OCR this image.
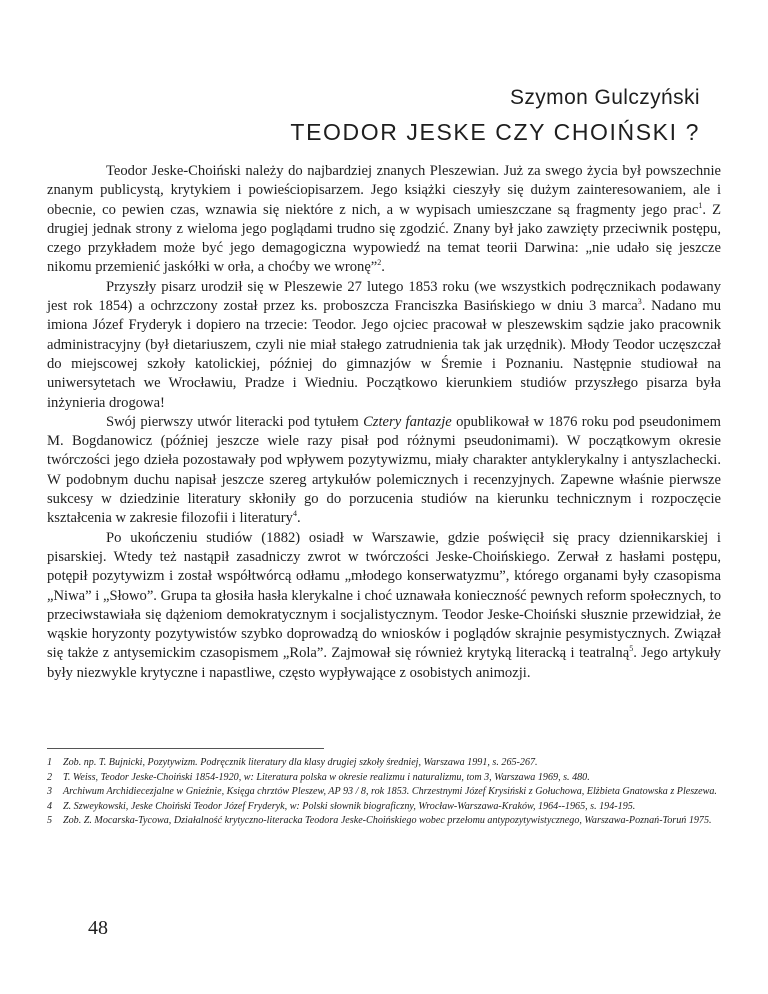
Szymon Gulczyński
TEODOR JESKE CZY CHOIŃSKI ?

Teodor Jeske-Choiński należy do najbardziej znanych Pleszewian. Już za swego życia był powszechnie znanym publicystą, krytykiem i powieściopisarzem. Jego książki cieszyły się dużym zainteresowaniem, ale i obecnie, co pewien czas, wznawia się niektóre z nich, a w wypisach umieszczane są fragmenty jego prac$^1$. Z drugiej jednak strony z wieloma jego poglądami trudno się zgodzić. Znany był jako zawzięty przeciwnik postępu, czego przykładem może być jego demagogiczna wypowiedź na temat teorii Darwina: „nie udało się jeszcze nikomu przemienić jaskółki w orła, a choćby we wronę”$^2$.

Przyszły pisarz urodził się w Pleszewie 27 lutego 1853 roku (we wszystkich podręcznikach podawany jest rok 1854) a ochrzczony został przez ks. proboszcza Franciszka Basińskiego w dniu 3 marca$^3$. Nadano mu imiona Józef Fryderyk i dopiero na trzecie: Teodor. Jego ojciec pracował w pleszewskim sądzie jako pracownik administracyjny (był dietariuszem, czyli nie miał stałego zatrudnienia tak jak urzędnik). Młody Teodor uczęszczał do miejscowej szkoły katolickiej, później do gimnazjów w Śremie i Poznaniu. Następnie studiował na uniwersytetach we Wrocławiu, Pradze i Wiedniu. Początkowo kierunkiem studiów przyszłego pisarza była inżynieria drogowa!

Swój pierwszy utwór literacki pod tytułem Cztery fantazje opublikował w 1876 roku pod pseudonimem M. Bogdanowicz (później jeszcze wiele razy pisał pod różnymi pseudonimami). W początkowym okresie twórczości jego dzieła pozostawały pod wpływem pozytywizmu, miały charakter antyklerykalny i antyszlachecki. W podobnym duchu napisał jeszcze szereg artykułów polemicznych i recenzyjnych. Zapewne właśnie pierwsze sukcesy w dziedzinie literatury skłoniły go do porzucenia studiów na kierunku technicznym i rozpoczęcie kształcenia w zakresie filozofii i literatury$^4$.

Po ukończeniu studiów (1882) osiadł w Warszawie, gdzie poświęcił się pracy dziennikarskiej i pisarskiej. Wtedy też nastąpił zasadniczy zwrot w twórczości Jeske-Choińskiego. Zerwał z hasłami postępu, potępił pozytywizm i został współtwórcą odłamu „młodego konserwatyzmu”, którego organami były czasopisma „Niwa” i „Słowo”. Grupa ta głosiła hasła klerykalne i choć uznawała konieczność pewnych reform społecznych, to przeciwstawiała się dążeniom demokratycznym i socjalistycznym. Teodor Jeske-Choiński słusznie przewidział, że wąskie horyzonty pozytywistów szybko doprowadzą do wniosków i poglądów skrajnie pesymistycznych. Związał się także z antysemickim czasopismem „Rola”. Zajmował się również krytyką literacką i teatralną$^5$. Jego artykuły były niezwykle krytyczne i napastliwe, często wypływające z osobistych animozji.

1	Zob. np. T. Bujnicki, Pozytywizm. Podręcznik literatury dla klasy drugiej szkoły średniej, Warszawa 1991, s. 265-267.
2	T. Weiss, Teodor Jeske-Choiński 1854-1920, w: Literatura polska w okresie realizmu i naturalizmu, tom 3, Warszawa 1969, s. 480.
3	Archiwum Archidiecezjalne w Gnieźnie, Księga chrztów Pleszew, AP 93 / 8, rok 1853. Chrzestnymi Józef Krysiński z Gołuchowa, Elżbieta Gnatowska z Pleszewa.
4	Z. Szweykowski, Jeske Choiński Teodor Józef Fryderyk, w: Polski słownik biograficzny, Wrocław-Warszawa-Kraków, 1964--1965, s. 194-195.
5	Zob. Z. Mocarska-Tycowa, Działalność krytyczno-literacka Teodora Jeske-Choińskiego wobec przełomu antypozytywistycznego, Warszawa-Poznań-Toruń 1975.
48
